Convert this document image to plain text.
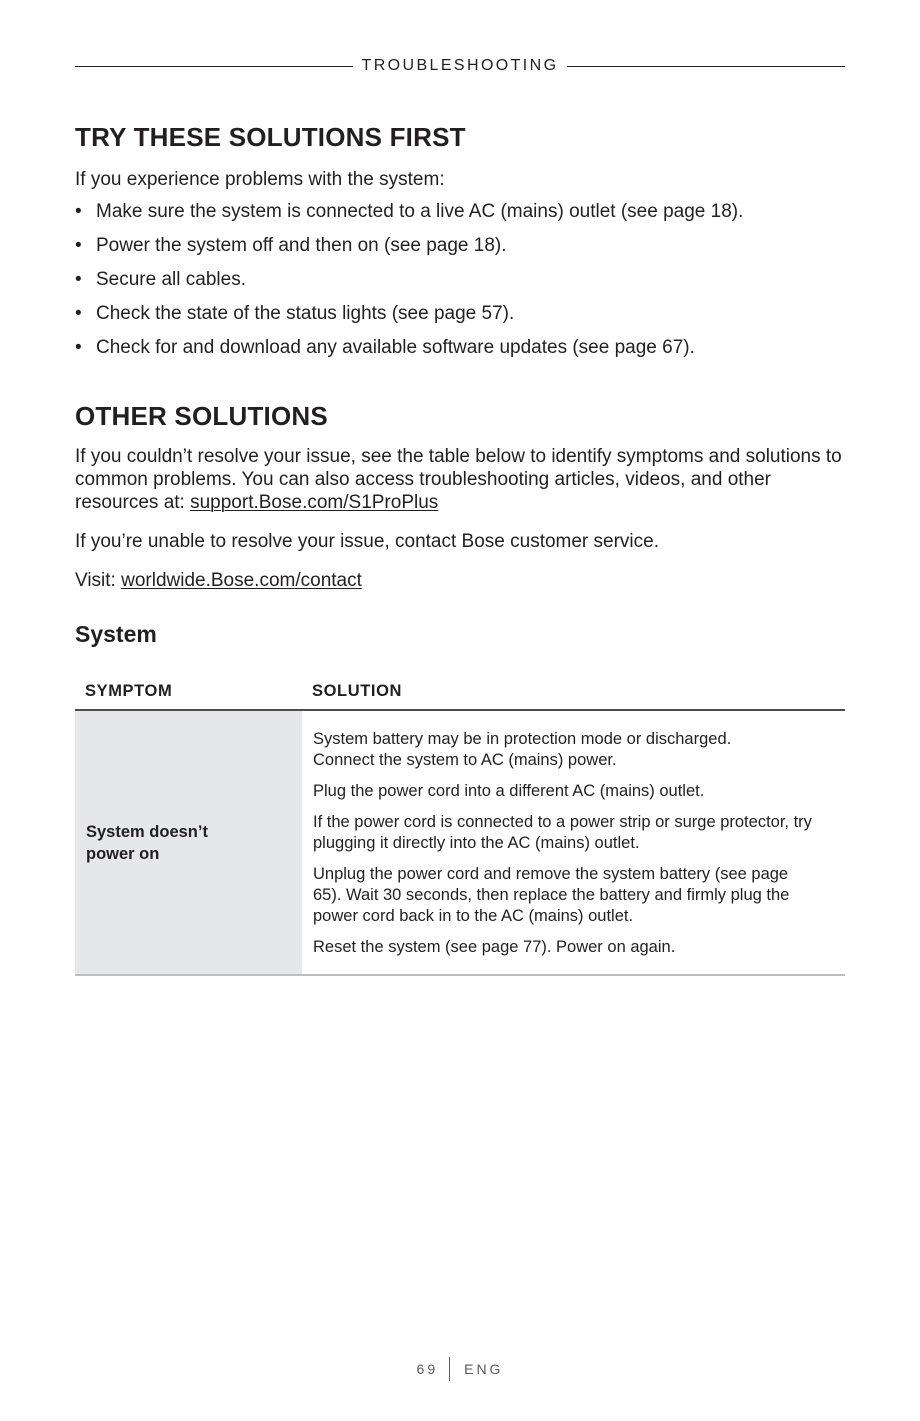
TROUBLESHOOTING
TRY THESE SOLUTIONS FIRST

If you experience problems with the system:

• Make sure the system is connected to a live AC (mains) outlet (see page 18).
• Power the system off and then on (see page 18).
• Secure all cables.
• Check the state of the status lights (see page 57).
• Check for and download any available software updates (see page 67).
OTHER SOLUTIONS

If you couldn’t resolve your issue, see the table below to identify symptoms and solutions to common problems. You can also access troubleshooting articles, videos, and other resources at: support.Bose.com/S1ProPlus

If you’re unable to resolve your issue, contact Bose customer service.

Visit: worldwide.Bose.com/contact

System
SYMPTOM	SOLUTION
System doesn’t power on

System battery may be in protection mode or discharged. Connect the system to AC (mains) power.

Plug the power cord into a different AC (mains) outlet.

If the power cord is connected to a power strip or surge protector, try plugging it directly into the AC (mains) outlet.

Unplug the power cord and remove the system battery (see page 65). Wait 30 seconds, then replace the battery and firmly plug the power cord back in to the AC (mains) outlet.

Reset the system (see page 77). Power on again.

69 ENG
